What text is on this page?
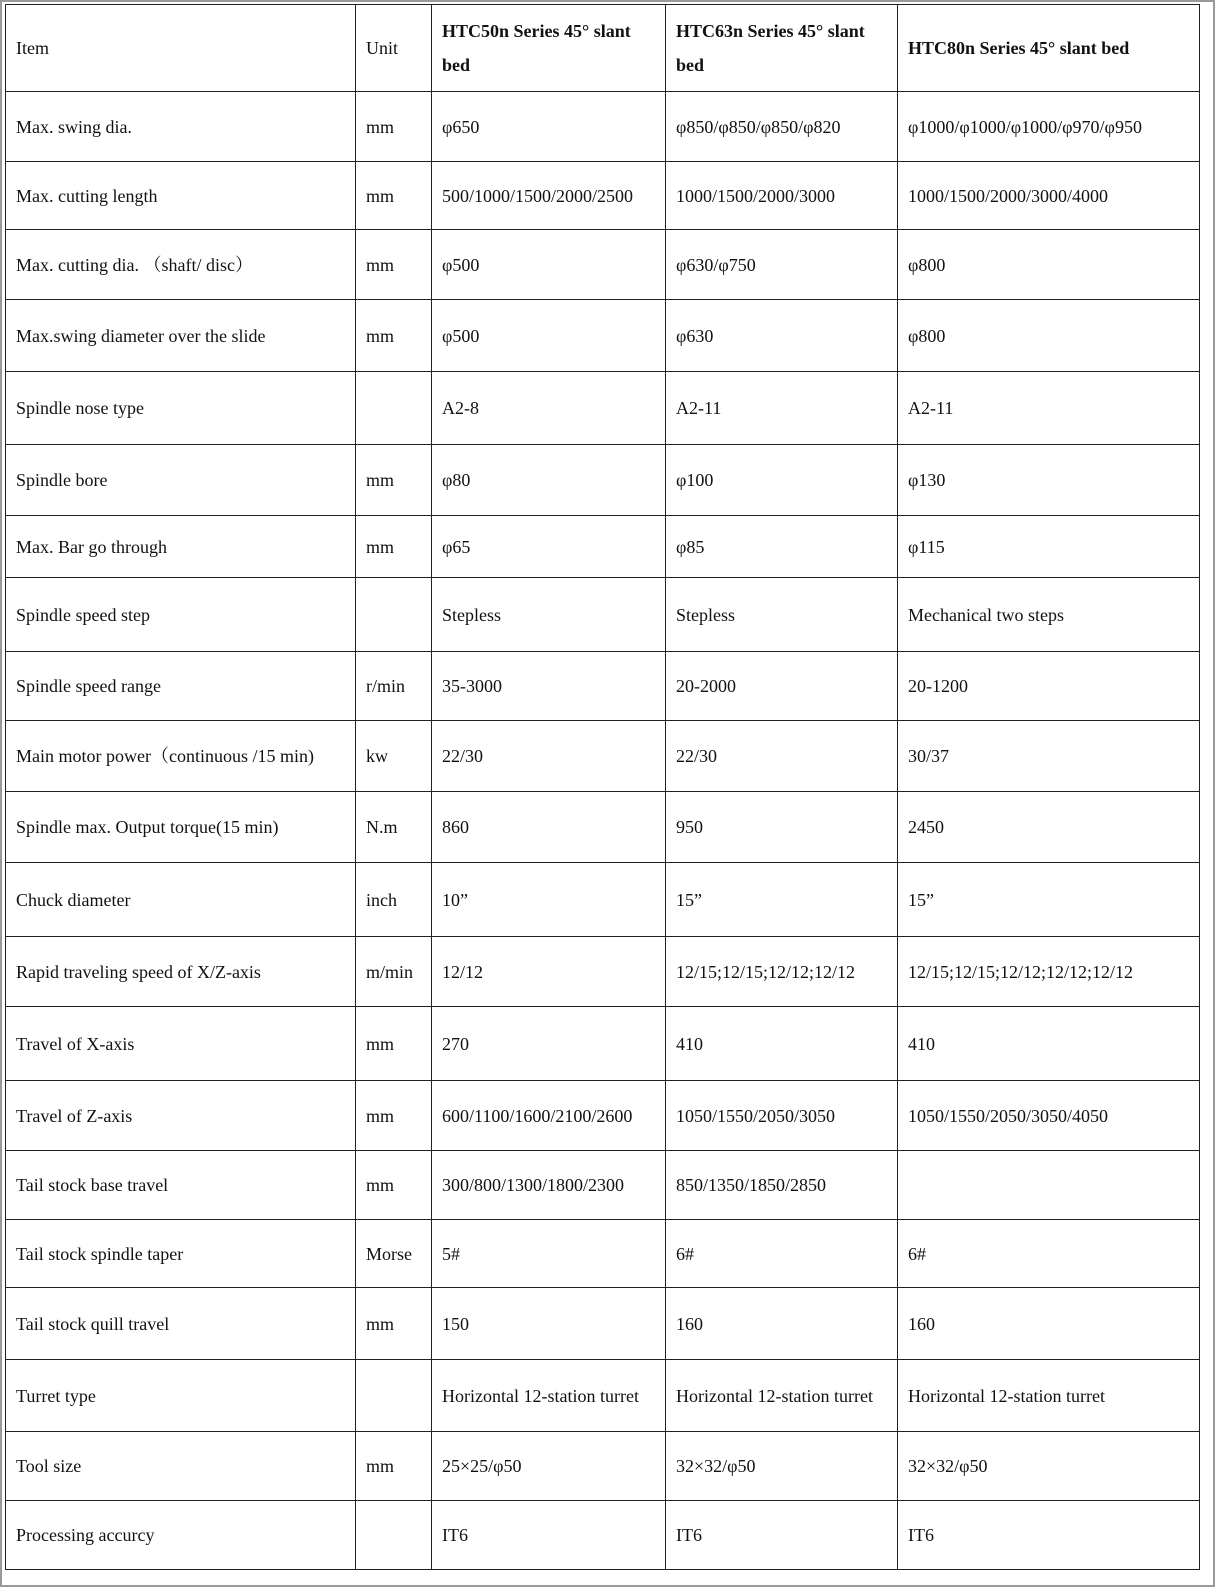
Item	Unit	HTC50n Series 45° slant bed	HTC63n Series 45° slant bed	HTC80n Series 45° slant bed
Max. swing dia.	mm	φ650	φ850/φ850/φ850/φ820	φ1000/φ1000/φ1000/φ970/φ950
Max. cutting length	mm	500/1000/1500/2000/2500	1000/1500/2000/3000	1000/1500/2000/3000/4000
Max. cutting dia. （shaft/ disc）	mm	φ500	φ630/φ750	φ800
Max.swing diameter over the slide	mm	φ500	φ630	φ800
Spindle nose type		A2-8	A2-11	A2-11
Spindle bore	mm	φ80	φ100	φ130
Max. Bar go through	mm	φ65	φ85	φ115
Spindle speed step		Stepless	Stepless	Mechanical two steps
Spindle speed range	r/min	35-3000	20-2000	20-1200
Main motor power（continuous /15 min)	kw	22/30	22/30	30/37
Spindle max. Output torque(15 min)	N.m	860	950	2450
Chuck diameter	inch	10”	15”	15”
Rapid traveling speed of X/Z-axis	m/min	12/12	12/15;12/15;12/12;12/12	12/15;12/15;12/12;12/12;12/12
Travel of X-axis	mm	270	410	410
Travel of Z-axis	mm	600/1100/1600/2100/2600	1050/1550/2050/3050	1050/1550/2050/3050/4050
Tail stock base travel	mm	300/800/1300/1800/2300	850/1350/1850/2850	
Tail stock spindle taper	Morse	5#	6#	6#
Tail stock quill travel	mm	150	160	160
Turret type		Horizontal 12-station turret	Horizontal 12-station turret	Horizontal 12-station turret
Tool size	mm	25×25/φ50	32×32/φ50	32×32/φ50
Processing accurcy		IT6	IT6	IT6
